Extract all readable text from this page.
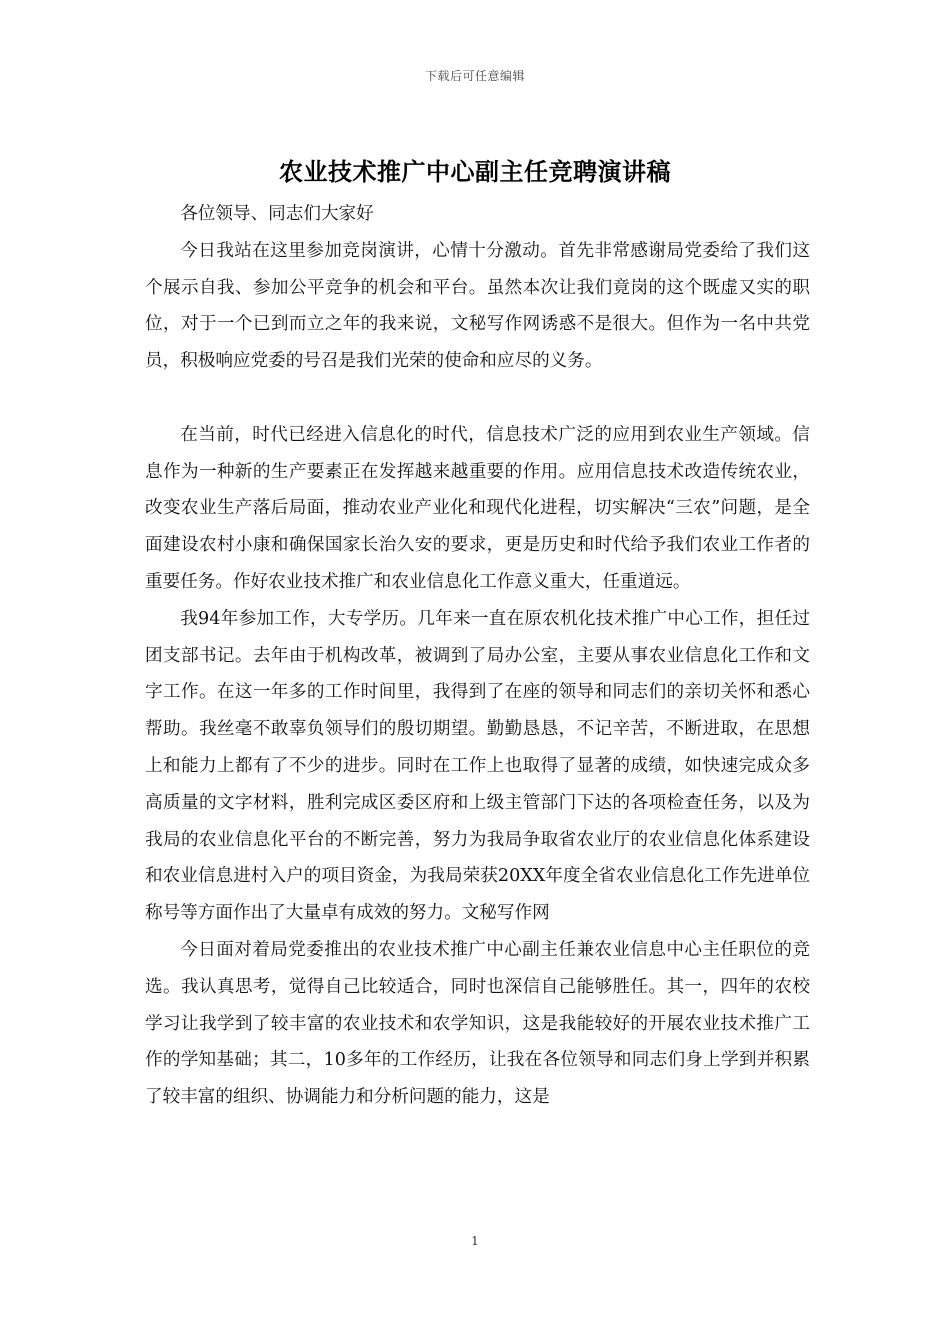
下载后可任意编辑
农业技术推广中心副主任竞聘演讲稿

各位领导、同志们大家好

今日我站在这里参加竞岗演讲，心情十分激动。首先非常感谢局党委给了我们这个展示自我、参加公平竞争的机会和平台。虽然本次让我们竟岗的这个既虚又实的职位，对于一个已到而立之年的我来说，文秘写作网诱惑不是很大。但作为一名中共党员，积极响应党委的号召是我们光荣的使命和应尽的义务。

在当前，时代已经进入信息化的时代，信息技术广泛的应用到农业生产领域。信息作为一种新的生产要素正在发挥越来越重要的作用。应用信息技术改造传统农业，改变农业生产落后局面，推动农业产业化和现代化进程，切实解决“三农”问题，是全面建设农村小康和确保国家长治久安的要求，更是历史和时代给予我们农业工作者的重要任务。作好农业技术推广和农业信息化工作意义重大，任重道远。

我94年参加工作，大专学历。几年来一直在原农机化技术推广中心工作，担任过团支部书记。去年由于机构改革，被调到了局办公室，主要从事农业信息化工作和文字工作。在这一年多的工作时间里，我得到了在座的领导和同志们的亲切关怀和悉心帮助。我丝毫不敢辜负领导们的殷切期望。勤勤恳恳，不记辛苦，不断进取，在思想上和能力上都有了不少的进步。同时在工作上也取得了显著的成绩，如快速完成众多高质量的文字材料，胜利完成区委区府和上级主管部门下达的各项检查任务，以及为我局的农业信息化平台的不断完善，努力为我局争取省农业厅的农业信息化体系建设和农业信息进村入户的项目资金，为我局荣获20XX年度全省农业信息化工作先进单位称号等方面作出了大量卓有成效的努力。文秘写作网

今日面对着局党委推出的农业技术推广中心副主任兼农业信息中心主任职位的竞选。我认真思考，觉得自己比较适合，同时也深信自己能够胜任。其一，四年的农校学习让我学到了较丰富的农业技术和农学知识，这是我能较好的开展农业技术推广工作的学知基础；其二，10多年的工作经历，让我在各位领导和同志们身上学到并积累了较丰富的组织、协调能力和分析问题的能力，这是

1
